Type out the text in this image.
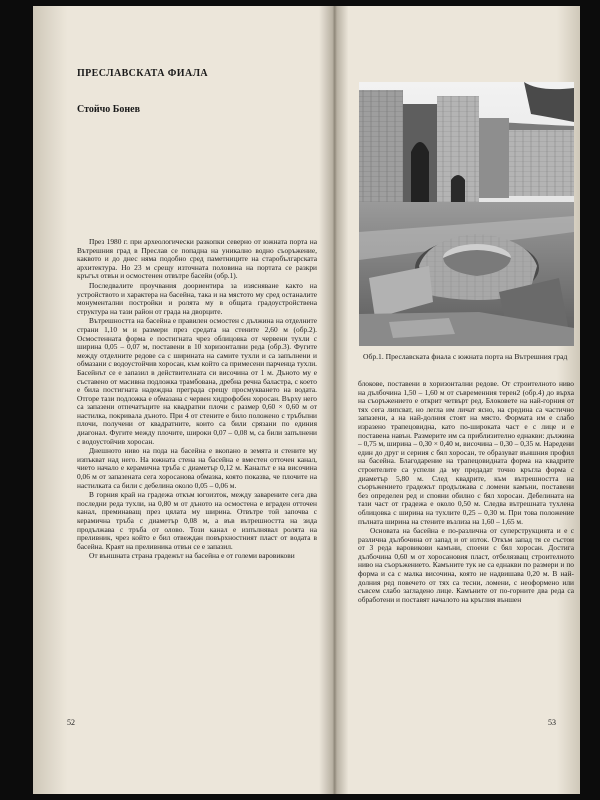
ПРЕСЛАВСКАТА ФИАЛА
Стойчо Бонев

През 1980 г. при археологически разкопки северно от южната порта на Вътрешния град в Преслав се попадна на уникално водно съоръжение, каквото и до днес няма подобно сред паметниците на старобългарската архитектура. Но 23 м срещу източната половина на портата се разкри кръгъл отвън и осмостенен отвътре басейн (обр.1).

Последвалите проучвания доориентира за изясняване както на устройството и характера на басейна, така и на мястото му сред останалите монументални постройки и ролята му в общата градоустройствена структура на тази район от града на дворците.

Вътрешността на басейна е правилен осмостен с дължина на отделните страни 1,10 м и размери през средата на стените 2,60 м (обр.2). Осмостенната форма е постигната чрез облицовка от червени тухли с ширина 0,05 – 0,07 м, поставени в 10 хоризонтални реда (обр.3). Фугите между отделните редове са с ширината на самите тухли и са запълнени и обмазани с водоустойчив хоросан, към който са примесени парченца тухли. Басейнът се е запазил в действителната си височина от 1 м. Дъното му е съставено от масивна подложка трамбована, дребна речна баластра, с което е била постигната надеждна преграда срещу просмукването на водата. Отгоре тази подложка е обмазана с червен хидрофобен хоросан. Върху него са запазени отпечатъците на квадратни плочи с размер 0,60 × 0,60 м от настилка, покривала дъното. При 4 от стените е било положено с тръбъпни плочи, получени от квадратните, които са били срязани по единия диагонал. Фугите между плочите, широки 0,07 – 0,08 м, са били запълнени с водоустойчив хоросан.

Днешното ниво на пода на басейна е вкопано в земята и стените му изпъкват над него. На южната стена на басейна е вместен отточен канал, чието начало е керамична тръба с диаметър 0,12 м. Каналът е на височина 0,06 м от запазената сега хоросанова обмазка, която показва, че плочите на настилката са били с дебелина около 0,05 – 0,06 м.

В горния край на градежа откъм югоизток, между заварените сега два последни реда тухли, на 0,80 м от дъното на осмостена е вграден отточен канал, преминаващ през цялата му ширина. Отвътре той започва с керамична тръба с диаметър 0,08 м, а във вътрешността на зида продължава с тръба от олово. Този канал е изпълнявал ролята на преливник, чрез който е бил отвеждан повърхностният пласт от водата в басейна. Краят на преливника отвън се е запазил.

От външната страна градежът на басейна е от големи варовикови

52
Обр.1. Преславската фиала с южната порта на Вътрешния град

блокове, поставени в хоризонтални редове. От строителното ниво на дълбочина 1,50 – 1,60 м от съвременния терен2 (обр.4) до върха на съоръжението е открит четвърт ред. Блоковете на най-горния от тях сега липсват, но легла им личат ясно, на средина са частично запазени, а на най-долния стоят на място. Формата им е слабо изразено трапецовидна, като по-широката част е с лице и е поставена навън. Размерите им са приблизително еднакви: дължина – 0,75 м, ширина – 0,30 × 0,40 м, височина – 0,30 – 0,35 м. Наредени един до друг и сериия с бял хоросан, те образуват външния профил на басейна. Благодарение на трапецовидната форма на квадрите строителите са успели да му предадат точно кръгла форма с диаметър 5,80 м. След квадрите, към вътрешността на съоръжението градежът продължава с ломени камъни, поставени без определен ред и спояни обилно с бял хоросан. Дебелината на тази част от градежа е около 0,50 м. Следва вътрешната тухлена облицовка с ширина на тухлите 0,25 – 0,30 м. При това положение пълната ширина на стените възлиза на 1,60 – 1,65 м.

Основата на басейна е по-различна от суперструкцията и е с различна дълбочина от запад и от изток. Откъм запад тя се състои от 3 реда варовикови камъни, споени с бял хоросан. Достига дълбочина 0,60 м от хоросановия пласт, отбелязващ строителното ниво на съоръжението. Камъните тук не са еднакви по размери и по форма и са с малка височина, която не надвишава 0,20 м. В най-долния ред повечето от тях са тесни, ломени, с неоформено или съвсем слабо загладено лице. Камъните от по-горните два реда са обработени и поставят началото на кръглия външен

53
